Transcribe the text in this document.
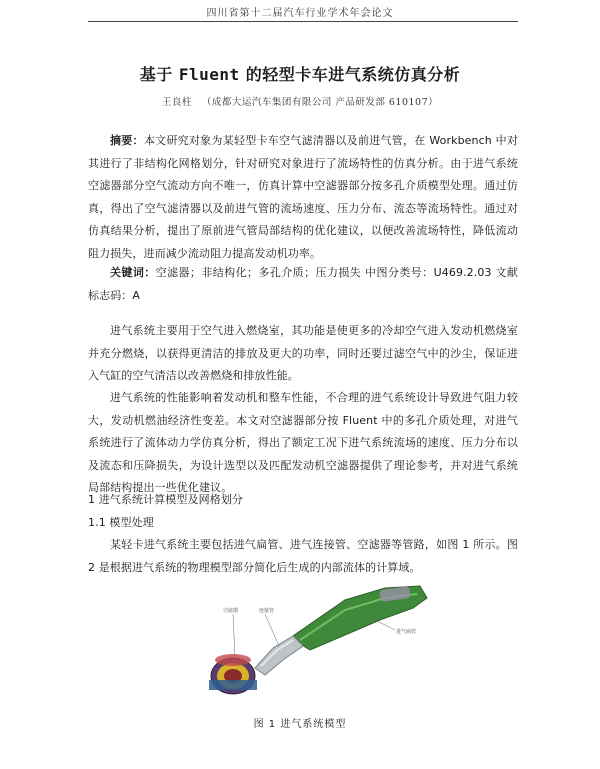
四川省第十二届汽车行业学术年会论文
基于 Fluent 的轻型卡车进气系统仿真分析
王良柱 （成都大运汽车集团有限公司 产品研发部 610107）
摘要：本文研究对象为某轻型卡车空气滤清器以及前进气管，在 Workbench 中对其进行了非结构化网格划分，针对研究对象进行了流场特性的仿真分析。由于进气系统空滤器部分空气流动方向不唯一，仿真计算中空滤器部分按多孔介质模型处理。通过仿真，得出了空气滤清器以及前进气管的流场速度、压力分布、流态等流场特性。通过对仿真结果分析，提出了原前进气管局部结构的优化建议，以便改善流场特性，降低流动阻力损失，进而减少流动阻力提高发动机功率。
关键词：空滤器；非结构化；多孔介质；压力损失 中图分类号：U469.2.03 文献标志码：A
进气系统主要用于空气进入燃烧室，其功能是使更多的冷却空气进入发动机燃烧室并充分燃烧，以获得更清洁的排放及更大的功率，同时还要过滤空气中的沙尘，保证进入气缸的空气清洁以改善燃烧和排放性能。
进气系统的性能影响着发动机和整车性能，不合理的进气系统设计导致进气阻力较大，发动机燃油经济性变差。本文对空滤器部分按 Fluent 中的多孔介质处理，对进气系统进行了流体动力学仿真分析，得出了额定工况下进气系统流场的速度、压力分布以及流态和压降损失，为设计选型以及匹配发动机空滤器提供了理论参考，并对进气系统局部结构提出一些优化建议。
1 进气系统计算模型及网格划分
1.1 模型处理
某轻卡进气系统主要包括进气扁管、进气连接管、空滤器等管路，如图 1 所示。图 2 是根据进气系统的物理模型部分简化后生成的内部流体的计算域。
空滤器	连接管
进气扁管
图 1 进气系统模型
